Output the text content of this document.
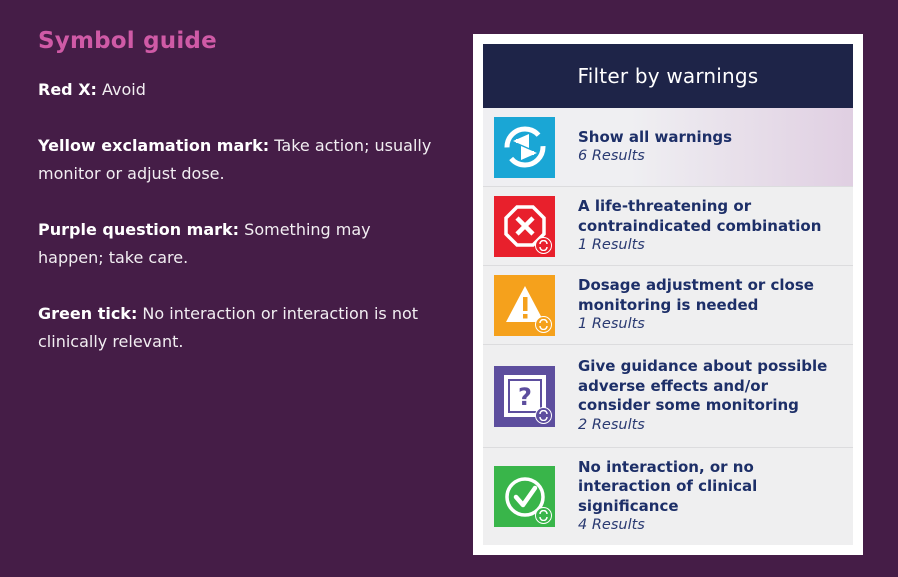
Symbol guide

Red X: Avoid

Yellow exclamation mark: Take action; usually monitor or adjust dose.

Purple question mark: Something may happen; take care.

Green tick: No interaction or interaction is not clinically relevant.

Filter by warnings
Show all warnings
6 Results
A life-threatening or contraindicated combination
1 Results
Dosage adjustment or close monitoring is needed
1 Results
?
Give guidance about possible adverse effects and/or consider some monitoring
2 Results
No interaction, or no interaction of clinical significance
4 Results
